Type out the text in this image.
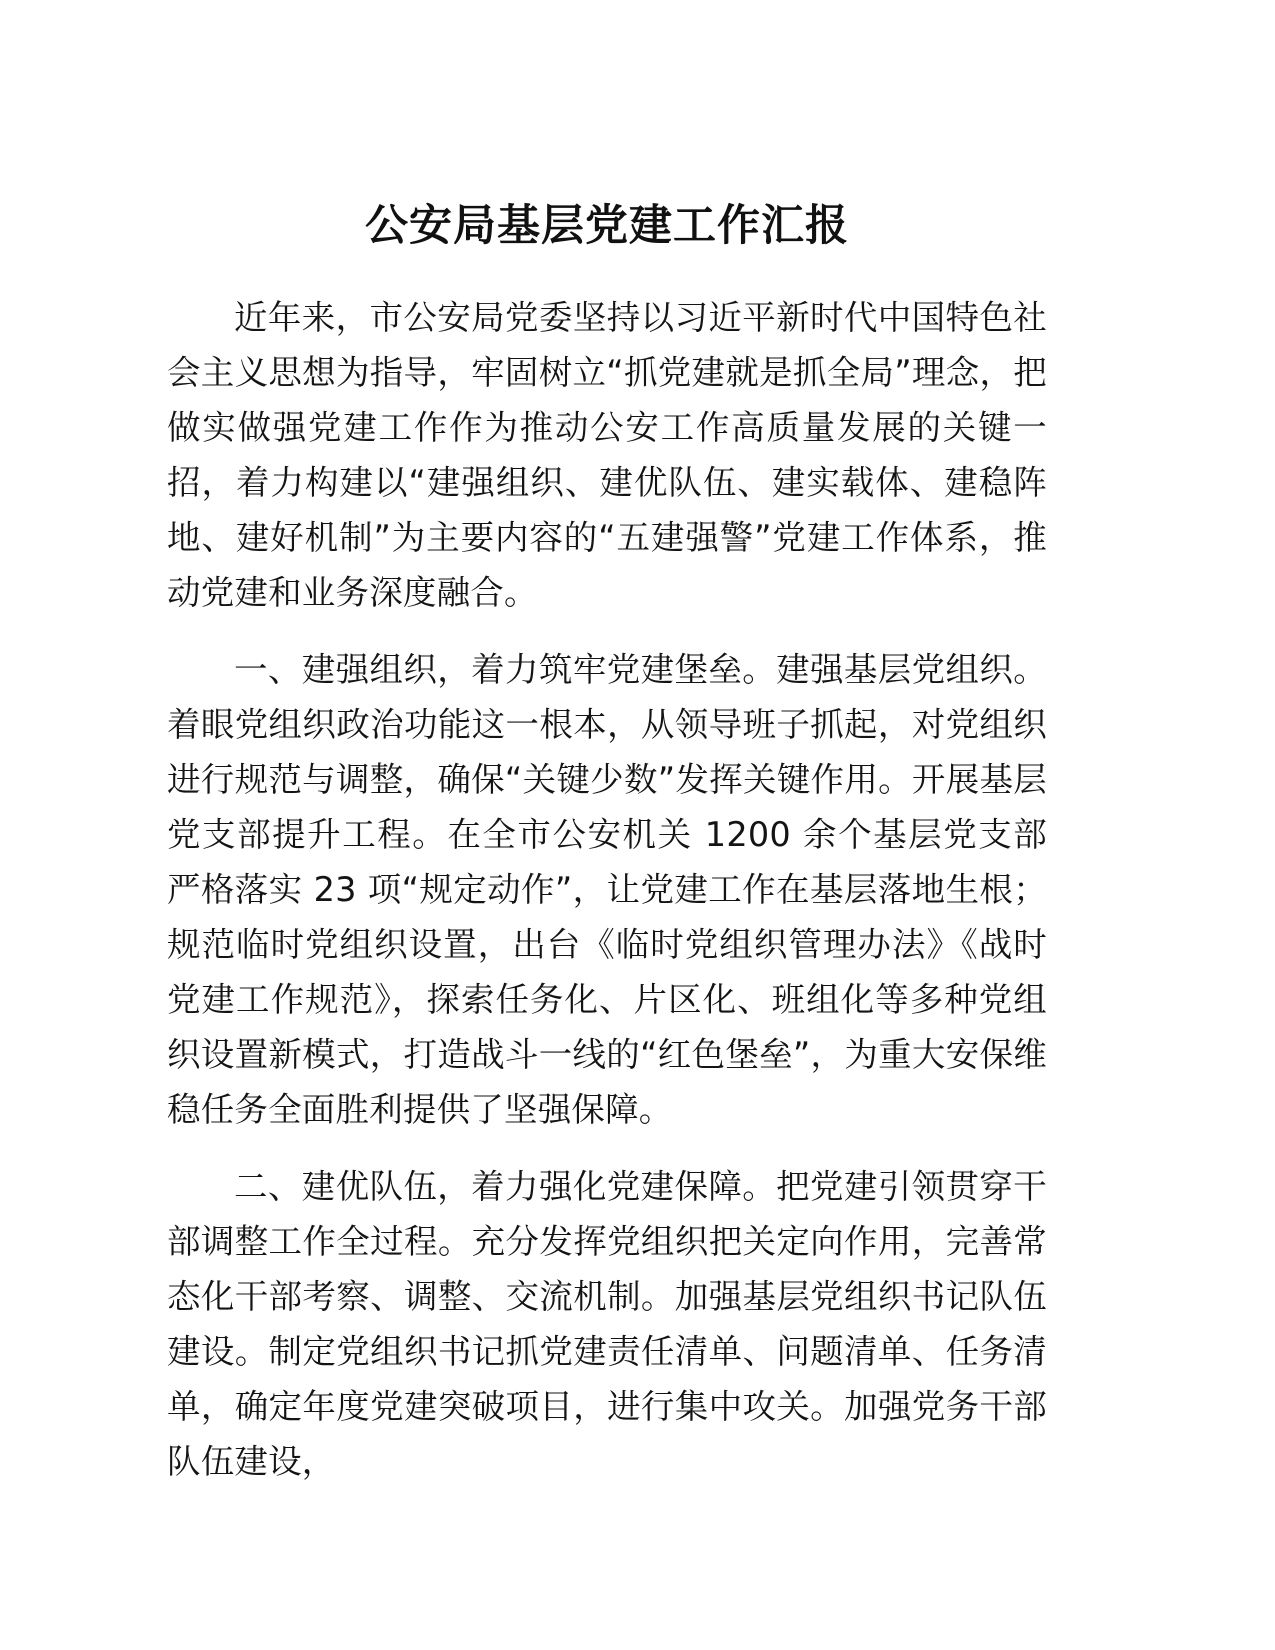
公安局基层党建工作汇报

近年来，市公安局党委坚持以习近平新时代中国特色社会主义思想为指导，牢固树立“抓党建就是抓全局”理念，把做实做强党建工作作为推动公安工作高质量发展的关键一招，着力构建以“建强组织、建优队伍、建实载体、建稳阵地、建好机制”为主要内容的“五建强警”党建工作体系，推动党建和业务深度融合。

一、建强组织，着力筑牢党建堡垒。建强基层党组织。着眼党组织政治功能这一根本，从领导班子抓起，对党组织进行规范与调整，确保“关键少数”发挥关键作用。开展基层党支部提升工程。在全市公安机关 1200 余个基层党支部严格落实 23 项“规定动作”，让党建工作在基层落地生根；规范临时党组织设置，出台《临时党组织管理办法》《战时党建工作规范》，探索任务化、片区化、班组化等多种党组织设置新模式，打造战斗一线的“红色堡垒”，为重大安保维稳任务全面胜利提供了坚强保障。

二、建优队伍，着力强化党建保障。把党建引领贯穿干部调整工作全过程。充分发挥党组织把关定向作用，完善常态化干部考察、调整、交流机制。加强基层党组织书记队伍建设。制定党组织书记抓党建责任清单、问题清单、任务清单，确定年度党建突破项目，进行集中攻关。加强党务干部队伍建设，
